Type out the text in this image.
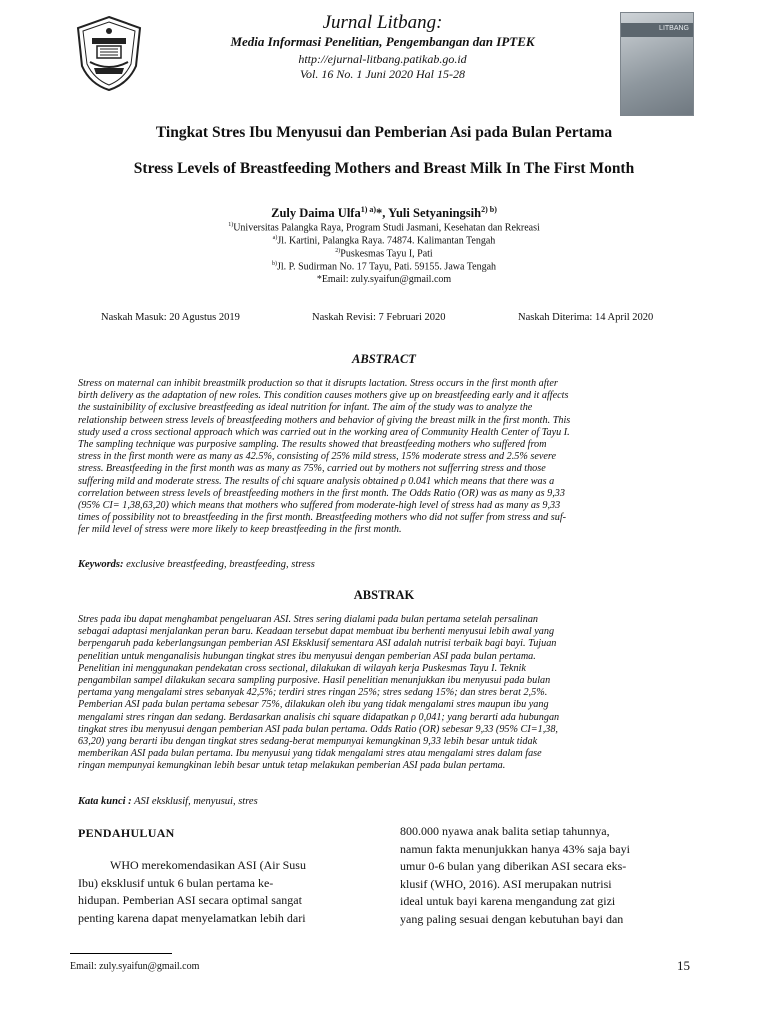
LITBANG
Jurnal Litbang:
Media Informasi Penelitian, Pengembangan dan IPTEK
http://ejurnal-litbang.patikab.go.id
Vol. 16 No. 1 Juni 2020 Hal 15-28
Tingkat Stres Ibu Menyusui dan Pemberian Asi pada Bulan Pertama
Stress Levels of Breastfeeding Mothers and Breast Milk In The First Month
Zuly Daima Ulfa$^{1) a)}$*, Yuli Setyaningsih$^{2) b)}$
$^{1)}$Universitas Palangka Raya, Program Studi Jasmani, Kesehatan dan Rekreasi
$^{a)}$Jl. Kartini, Palangka Raya. 74874. Kalimantan Tengah
$^{2)}$Puskesmas Tayu I, Pati
$^{b)}$Jl. P. Sudirman No. 17 Tayu, Pati. 59155. Jawa Tengah
*Email: zuly.syaifun@gmail.com
Naskah Masuk: 20 Agustus 2019	Naskah Revisi: 7 Februari 2020	Naskah Diterima: 14 April 2020
ABSTRACT
Stress on maternal can inhibit breastmilk production so that it disrupts lactation. Stress occurs in the first month after
birth delivery as the adaptation of new roles. This condition causes mothers give up on breastfeeding early and it affects
the sustainibility of exclusive breastfeeding as ideal nutrition for infant. The aim of the study was to analyze the
relationship between stress levels of breastfeeding mothers and behavior of giving the breast milk in the first month. This
study used a cross sectional approach which was carried out in the working area of Community Health Center of Tayu I.
The sampling technique was purposive sampling. The results showed that breastfeeding mothers who suffered from
stress in the first month were as many as 42.5%, consisting of 25% mild stress, 15% moderate stress and 2.5% severe
stress. Breastfeeding in the first month was as many as 75%, carried out by mothers not sufferring stress and those
suffering mild and moderate stress. The results of chi square analysis obtained ρ 0.041 which means that there was a
correlation between stress levels of breastfeeding mothers in the first month. The Odds Ratio (OR) was as many as 9,33
(95% CI= 1,38,63,20) which means that mothers who suffered from moderate-high level of stress had as many as 9,33
times of possibility not to breastfeeding in the first month. Breastfeeding mothers who did not suffer from stress and suf-
fer mild level of stress were more likely to keep breastfeeding in the first month.
Keywords: exclusive breastfeeding, breastfeeding, stress
ABSTRAK
Stres pada ibu dapat menghambat pengeluaran ASI. Stres sering dialami pada bulan pertama setelah persalinan
sebagai adaptasi menjalankan peran baru. Keadaan tersebut dapat membuat ibu berhenti menyusui lebih awal yang
berpengaruh pada keberlangsungan pemberian ASI Eksklusif sementara ASI adalah nutrisi terbaik bagi bayi. Tujuan
penelitian untuk menganalisis hubungan tingkat stres ibu menyusui dengan pemberian ASI pada bulan pertama.
Penelitian ini menggunakan pendekatan cross sectional, dilakukan di wilayah kerja Puskesmas Tayu I. Teknik
pengambilan sampel dilakukan secara sampling purposive. Hasil penelitian menunjukkan ibu menyusui pada bulan
pertama yang mengalami stres sebanyak 42,5%; terdiri stres ringan 25%; stres sedang 15%; dan stres berat 2,5%.
Pemberian ASI pada bulan pertama sebesar 75%, dilakukan oleh ibu yang tidak mengalami stres maupun ibu yang
mengalami stres ringan dan sedang. Berdasarkan analisis chi square didapatkan ρ 0,041; yang berarti ada hubungan
tingkat stres ibu menyusui dengan pemberian ASI pada bulan pertama. Odds Ratio (OR) sebesar 9,33 (95% CI=1,38,
63,20) yang berarti ibu dengan tingkat stres sedang-berat mempunyai kemungkinan 9,33 lebih besar untuk tidak
memberikan ASI pada bulan pertama. Ibu menyusui yang tidak mengalami stres atau mengalami stres dalam fase
ringan mempunyai kemungkinan lebih besar untuk tetap melakukan pemberian ASI pada bulan pertama.
Kata kunci : ASI eksklusif, menyusui, stres
PENDAHULUAN
WHO merekomendasikan ASI (Air Susu
Ibu) eksklusif untuk 6 bulan pertama ke-
hidupan. Pemberian ASI secara optimal sangat
penting karena dapat menyelamatkan lebih dari
800.000 nyawa anak balita setiap tahunnya,
namun fakta menunjukkan hanya 43% saja bayi
umur 0-6 bulan yang diberikan ASI secara eks-
klusif (WHO, 2016). ASI merupakan nutrisi
ideal untuk bayi karena mengandung zat gizi
yang paling sesuai dengan kebutuhan bayi dan
Email: zuly.syaifun@gmail.com	15
